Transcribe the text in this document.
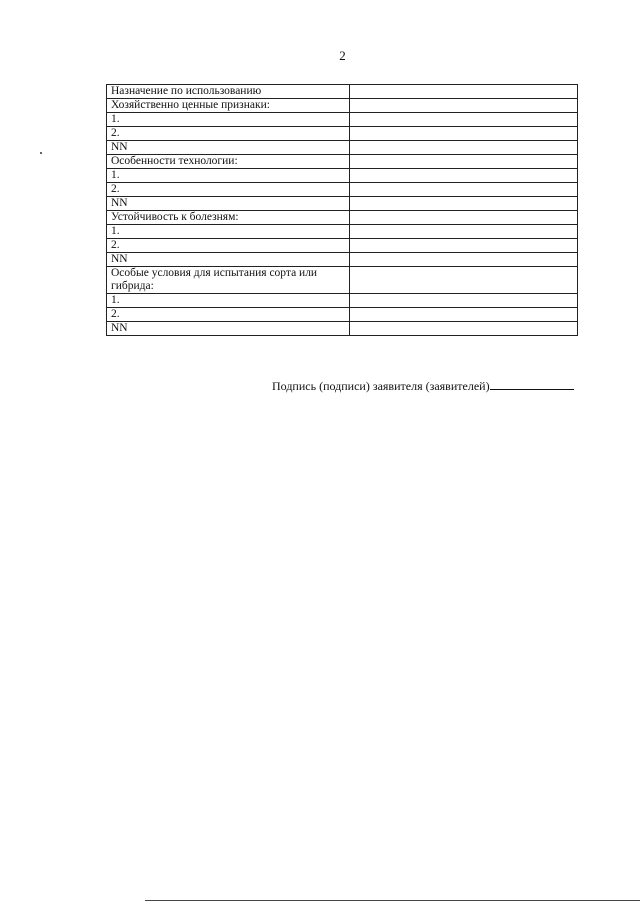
2
Назначение по использованию	
Хозяйственно ценные признаки:	
1.	
2.	
NN	
Особенности технологии:	
1.	
2.	
NN	
Устойчивость к болезням:	
1.	
2.	
NN	
Особые условия для испытания сорта или гибрида:	
1.	
2.	
NN	
Подпись (подписи) заявителя (заявителей)
